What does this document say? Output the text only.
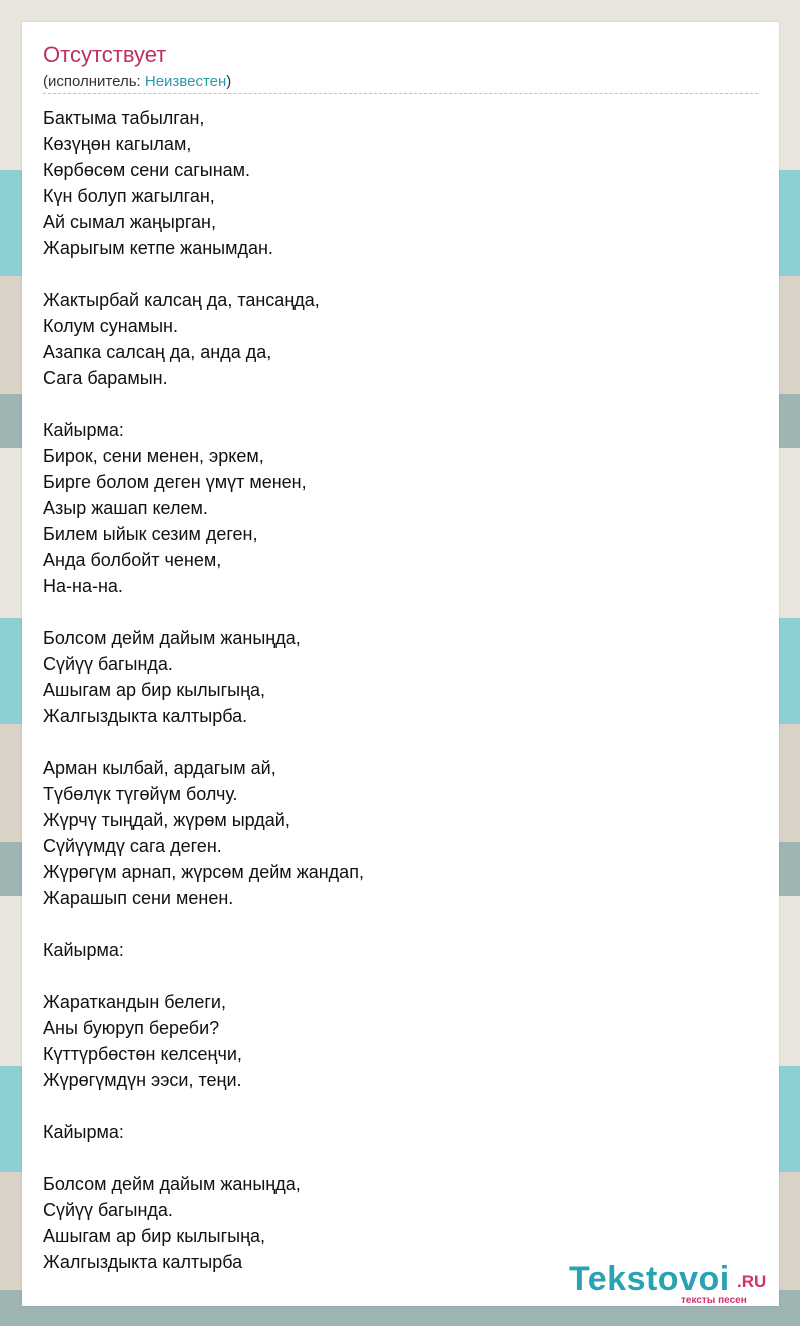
Отсутствует
(исполнитель: Неизвестен)
Бактыма табылган,
Көзүңөн кагылам,
Көрбөсөм сени сагынам.
Күн болуп жагылган,
Ай сымал жаңырган,
Жарыгым кетпе жанымдан.
Жактырбай калсаң да, тансаңда,
Колум сунамын.
Азапка салсаң да, анда да,
Сага барамын.
Кайырма:
Бирок, сени менен, эркем,
Бирге болом деген үмүт менен,
Азыр жашап келем.
Билем ыйык сезим деген,
Анда болбойт ченем,
На-на-на.
Болсом дейм дайым жаныңда,
Сүйүү багында.
Ашыгам ар бир кылыгыңа,
Жалгыздыкта калтырба.
Арман кылбай, ардагым ай,
Түбөлүк түгөйүм болчу.
Жүрчү тыңдай, жүрөм ырдай,
Сүйүүмдү сага деген.
Жүрөгүм арнап, жүрсөм дейм жандап,
Жарашып сени менен.
Кайырма:
Жараткандын белеги,
Аны буюруп береби?
Күттүрбөстөн келсеңчи,
Жүрөгүмдүн ээси, теңи.
Кайырма:
Болсом дейм дайым жаныңда,
Сүйүү багында.
Ашыгам ар бир кылыгыңа,
Жалгыздыкта калтырба	Tekstovoi .RU
тексты песен
